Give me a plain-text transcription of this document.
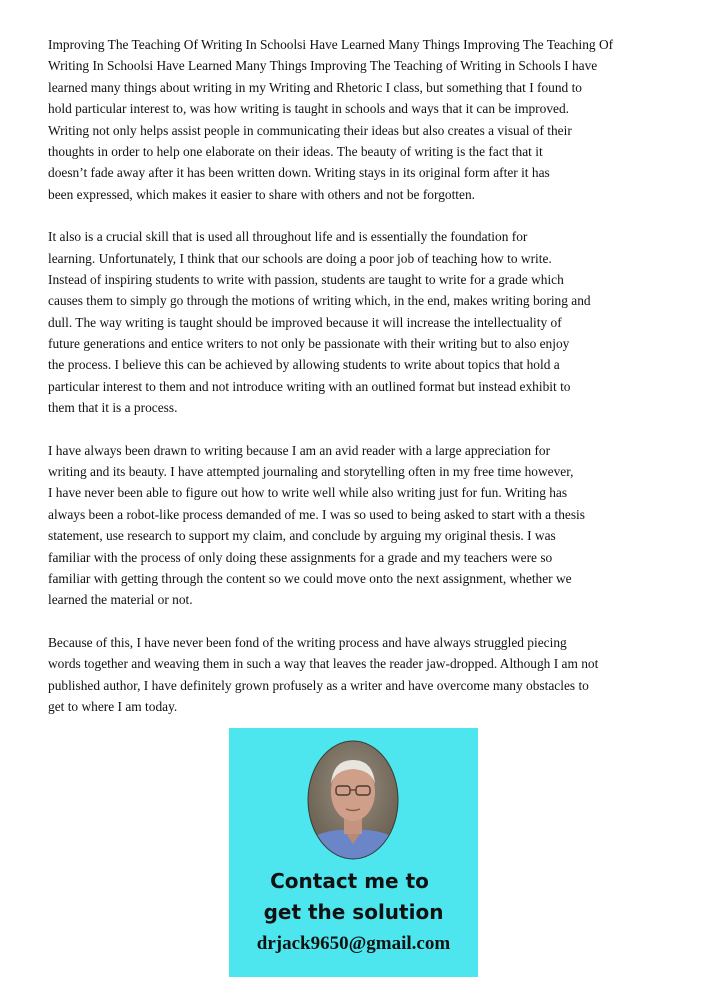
Improving The Teaching Of Writing In Schoolsi Have Learned Many Things Improving The Teaching Of
Writing In Schoolsi Have Learned Many Things Improving The Teaching of Writing in Schools I have
learned many things about writing in my Writing and Rhetoric I class, but something that I found to
hold particular interest to, was how writing is taught in schools and ways that it can be improved.
Writing not only helps assist people in communicating their ideas but also creates a visual of their
thoughts in order to help one elaborate on their ideas. The beauty of writing is the fact that it
doesn’t fade away after it has been written down. Writing stays in its original form after it has
been expressed, which makes it easier to share with others and not be forgotten.
It also is a crucial skill that is used all throughout life and is essentially the foundation for
learning. Unfortunately, I think that our schools are doing a poor job of teaching how to write.
Instead of inspiring students to write with passion, students are taught to write for a grade which
causes them to simply go through the motions of writing which, in the end, makes writing boring and
dull. The way writing is taught should be improved because it will increase the intellectuality of
future generations and entice writers to not only be passionate with their writing but to also enjoy
the process. I believe this can be achieved by allowing students to write about topics that hold a
particular interest to them and not introduce writing with an outlined format but instead exhibit to
them that it is a process.
I have always been drawn to writing because I am an avid reader with a large appreciation for
writing and its beauty. I have attempted journaling and storytelling often in my free time however,
I have never been able to figure out how to write well while also writing just for fun. Writing has
always been a robot-like process demanded of me. I was so used to being asked to start with a thesis
statement, use research to support my claim, and conclude by arguing my original thesis. I was
familiar with the process of only doing these assignments for a grade and my teachers were so
familiar with getting through the content so we could move onto the next assignment, whether we
learned the material or not.
Because of this, I have never been fond of the writing process and have always struggled piecing
words together and weaving them in such a way that leaves the reader jaw-dropped. Although I am not
published author, I have definitely grown profusely as a writer and have overcome many obstacles to
get to where I am today.
Contact me to
get the solution
drjack9650@gmail.com
